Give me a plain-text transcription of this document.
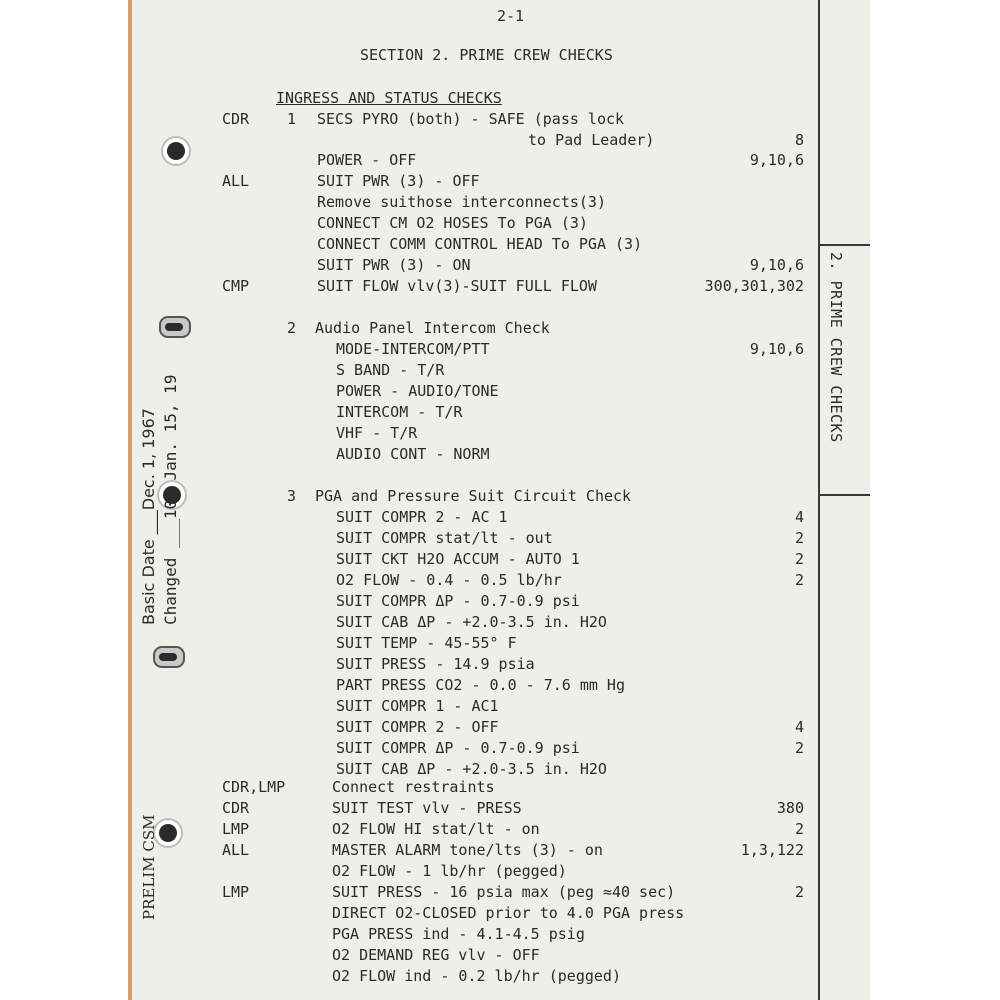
2. PRIME CREW CHECKS
Basic Date ___Dec. 1, 1967 Changed ___10_ Jan. 15, 19
PRELIM CSM
2-1
SECTION 2. PRIME CREW CHECKS
INGRESS AND STATUS CHECKS
CDR	1 SECS PYRO (both) - SAFE (pass lock
to Pad Leader)	8
POWER - OFF	9,10,6
ALL	SUIT PWR (3) - OFF
Remove suithose interconnects(3)
CONNECT CM O2 HOSES To PGA (3)
CONNECT COMM CONTROL HEAD To PGA (3)
SUIT PWR (3) - ON	9,10,6
CMP	SUIT FLOW vlv(3)-SUIT FULL FLOW	300,301,302
2 Audio Panel Intercom Check
MODE-INTERCOM/PTT	9,10,6
S BAND - T/R
POWER - AUDIO/TONE
INTERCOM - T/R
VHF - T/R
AUDIO CONT - NORM
3 PGA and Pressure Suit Circuit Check
SUIT COMPR 2 - AC 1	4
SUIT COMPR stat/lt - out	2
SUIT CKT H2O ACCUM - AUTO 1	2
O2 FLOW - 0.4 - 0.5 lb/hr	2
SUIT COMPR ΔP - 0.7-0.9 psi
SUIT CAB ΔP - +2.0-3.5 in. H2O
SUIT TEMP - 45-55° F
SUIT PRESS - 14.9 psia
PART PRESS CO2 - 0.0 - 7.6 mm Hg
SUIT COMPR 1 - AC1
SUIT COMPR 2 - OFF	4
SUIT COMPR ΔP - 0.7-0.9 psi	2
SUIT CAB ΔP - +2.0-3.5 in. H2O
CDR,LMP	Connect restraints
CDR	SUIT TEST vlv - PRESS	380
LMP	O2 FLOW HI stat/lt - on	2
ALL	MASTER ALARM tone/lts (3) - on	1,3,122
O2 FLOW - 1 lb/hr (pegged)
LMP	SUIT PRESS - 16 psia max (peg ≈40 sec)	2
DIRECT O2-CLOSED prior to 4.0 PGA press
PGA PRESS ind - 4.1-4.5 psig
O2 DEMAND REG vlv - OFF
O2 FLOW ind - 0.2 lb/hr (pegged)
